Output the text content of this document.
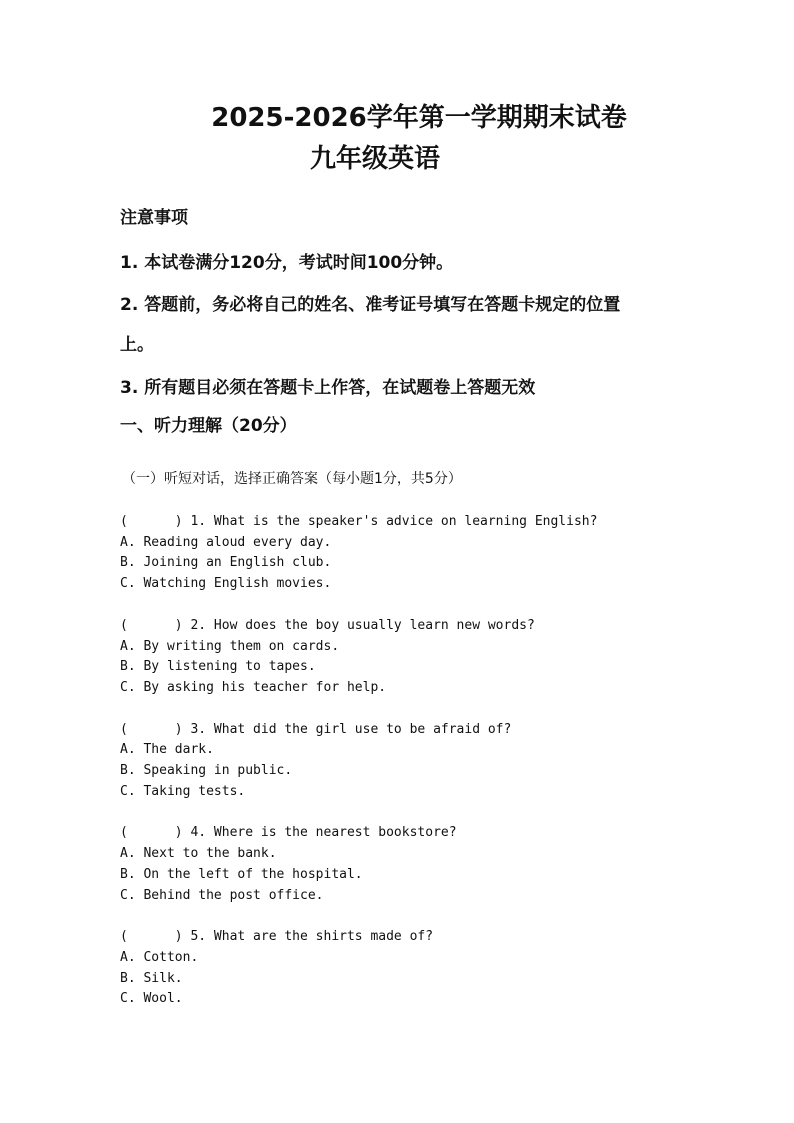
2025-2026学年第一学期期末试卷
九年级英语
注意事项
1. 本试卷满分120分，考试时间100分钟。
2. 答题前，务必将自己的姓名、准考证号填写在答题卡规定的位置
上。
3. 所有题目必须在答题卡上作答，在试题卷上答题无效
一、听力理解（20分）
（一）听短对话，选择正确答案（每小题1分，共5分）
(      ) 1. What is the speaker's advice on learning English?
A. Reading aloud every day.
B. Joining an English club.
C. Watching English movies.
(      ) 2. How does the boy usually learn new words?
A. By writing them on cards.
B. By listening to tapes.
C. By asking his teacher for help.
(      ) 3. What did the girl use to be afraid of?
A. The dark.
B. Speaking in public.
C. Taking tests.
(      ) 4. Where is the nearest bookstore?
A. Next to the bank.
B. On the left of the hospital.
C. Behind the post office.
(      ) 5. What are the shirts made of?
A. Cotton.
B. Silk.
C. Wool.
